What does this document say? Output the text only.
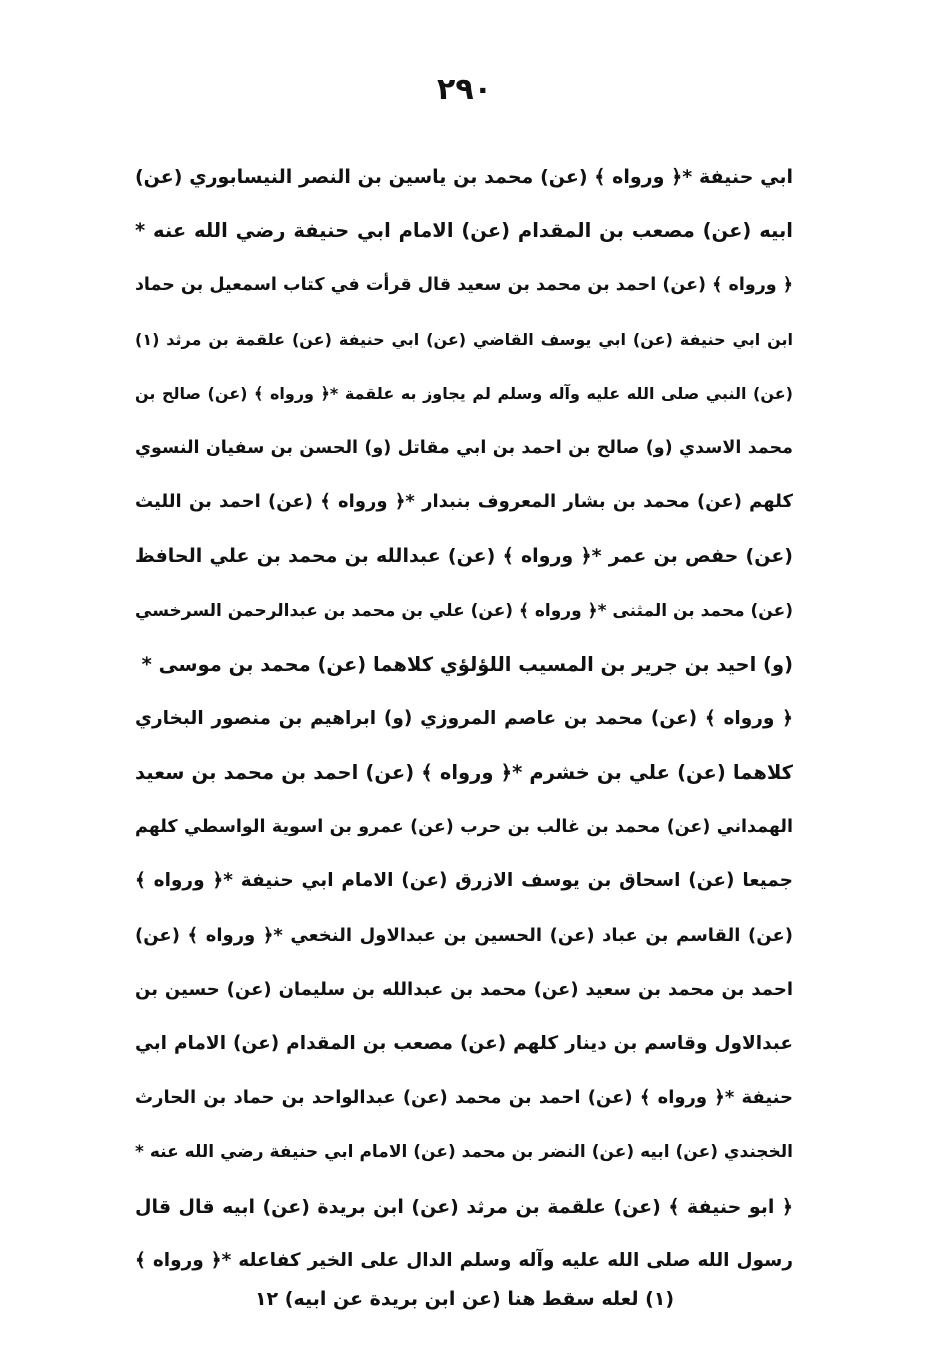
۲۹۰
ابي حنيفة *﴿ ورواه ﴾ (عن) محمد بن ياسين بن النصر النيسابوري (عن)
ابيه (عن) مصعب بن المقدام (عن) الامام ابي حنيفة رضي الله عنه *
﴿ ورواه ﴾ (عن) احمد بن محمد بن سعيد قال قرأت في كتاب اسمعيل بن حماد
ابن ابي حنيفة (عن) ابي يوسف القاضي (عن) ابي حنيفة (عن) علقمة بن مرثد (١)
(عن) النبي صلى الله عليه وآله وسلم لم يجاوز به علقمة *﴿ ورواه ﴾ (عن) صالح بن
محمد الاسدي (و) صالح بن احمد بن ابي مقاتل (و) الحسن بن سفيان النسوي
كلهم (عن) محمد بن بشار المعروف بنبدار *﴿ ورواه ﴾ (عن) احمد بن الليث
(عن) حفص بن عمر *﴿ ورواه ﴾ (عن) عبدالله بن محمد بن علي الحافظ
(عن) محمد بن المثنى *﴿ ورواه ﴾ (عن) علي بن محمد بن عبدالرحمن السرخسي
(و) احيد بن جرير بن المسيب اللؤلؤي كلاهما (عن) محمد بن موسى *
﴿ ورواه ﴾ (عن) محمد بن عاصم المروزي (و) ابراهيم بن منصور البخاري
كلاهما (عن) علي بن خشرم *﴿ ورواه ﴾ (عن) احمد بن محمد بن سعيد
الهمداني (عن) محمد بن غالب بن حرب (عن) عمرو بن اسوية الواسطي كلهم
جميعا (عن) اسحاق بن يوسف الازرق (عن) الامام ابي حنيفة *﴿ ورواه ﴾
(عن) القاسم بن عباد (عن) الحسين بن عبدالاول النخعي *﴿ ورواه ﴾ (عن)
احمد بن محمد بن سعيد (عن) محمد بن عبدالله بن سليمان (عن) حسين بن
عبدالاول وقاسم بن دينار كلهم (عن) مصعب بن المقدام (عن) الامام ابي
حنيفة *﴿ ورواه ﴾ (عن) احمد بن محمد (عن) عبدالواحد بن حماد بن الحارث
الخجندي (عن) ابيه (عن) النضر بن محمد (عن) الامام ابي حنيفة رضي الله عنه *
﴿ ابو حنيفة ﴾ (عن) علقمة بن مرثد (عن) ابن بريدة (عن) ابيه قال قال
رسول الله صلى الله عليه وآله وسلم الدال على الخير كفاعله *﴿ ورواه ﴾
(١) لعله سقط هنا (عن ابن بريدة عن ابيه) ١٢
